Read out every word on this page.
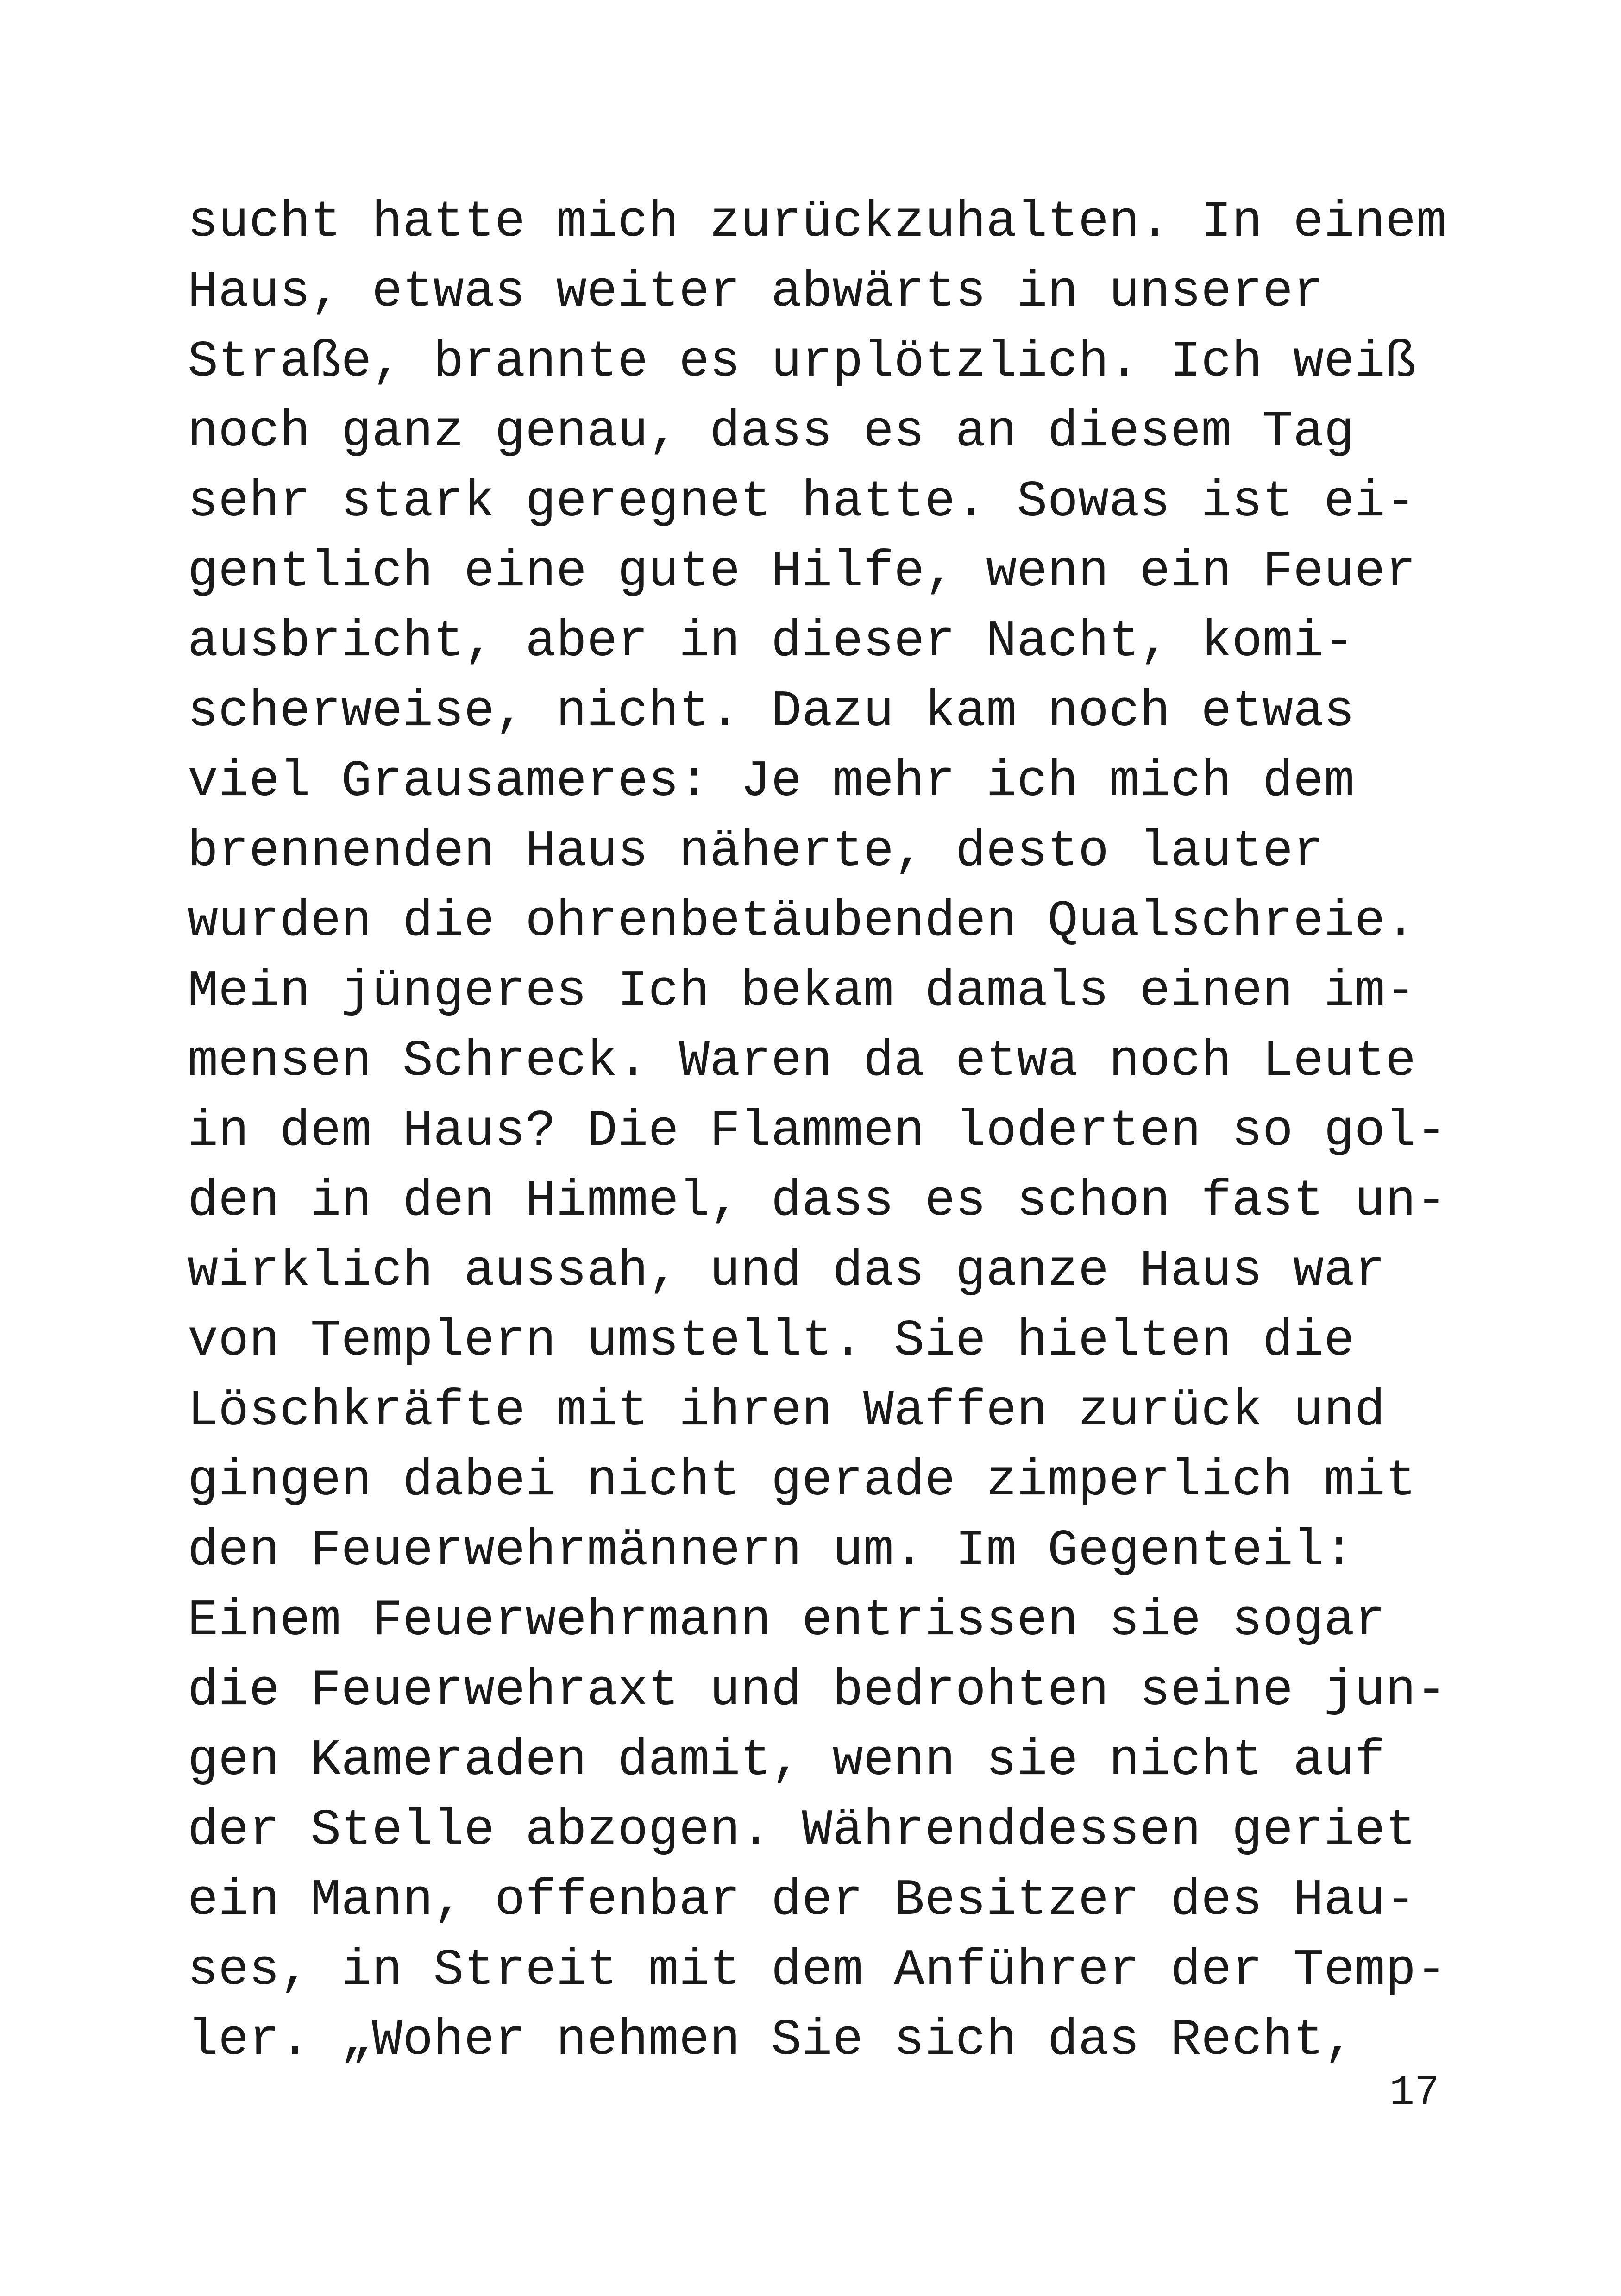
sucht hatte mich zurückzuhalten. In einem
Haus, etwas weiter abwärts in unserer
Straße, brannte es urplötzlich. Ich weiß
noch ganz genau, dass es an diesem Tag
sehr stark geregnet hatte. Sowas ist ei-
gentlich eine gute Hilfe, wenn ein Feuer
ausbricht, aber in dieser Nacht, komi-
scherweise, nicht. Dazu kam noch etwas
viel Grausameres: Je mehr ich mich dem
brennenden Haus näherte, desto lauter
wurden die ohrenbetäubenden Qualschreie.
Mein jüngeres Ich bekam damals einen im-
mensen Schreck. Waren da etwa noch Leute
in dem Haus? Die Flammen loderten so gol-
den in den Himmel, dass es schon fast un-
wirklich aussah, und das ganze Haus war
von Templern umstellt. Sie hielten die
Löschkräfte mit ihren Waffen zurück und
gingen dabei nicht gerade zimperlich mit
den Feuerwehrmännern um. Im Gegenteil:
Einem Feuerwehrmann entrissen sie sogar
die Feuerwehraxt und bedrohten seine jun-
gen Kameraden damit, wenn sie nicht auf
der Stelle abzogen. Währenddessen geriet
ein Mann, offenbar der Besitzer des Hau-
ses, in Streit mit dem Anführer der Temp-
ler. „Woher nehmen Sie sich das Recht,
17
